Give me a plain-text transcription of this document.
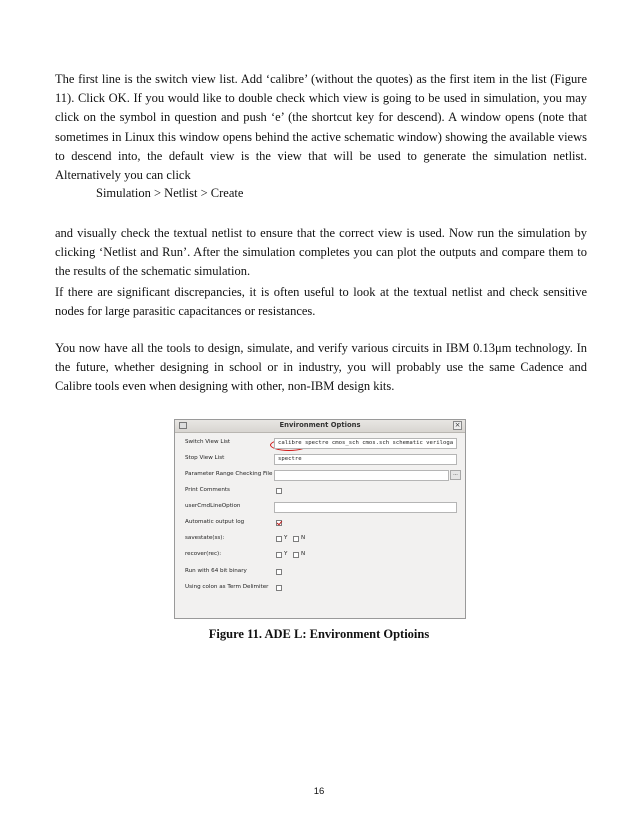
The first line is the switch view list. Add ‘calibre’ (without the quotes) as the first item in the list (Figure 11). Click OK. If you would like to double check which view is going to be used in simulation, you may click on the symbol in question and push ‘e’ (the shortcut key for descend). A window opens (note that sometimes in Linux this window opens behind the active schematic window) showing the available views to descend into, the default view is the view that will be used to generate the simulation netlist. Alternatively you can click

Simulation > Netlist > Create

and visually check the textual netlist to ensure that the correct view is used. Now run the simulation by clicking ‘Netlist and Run’. After the simulation completes you can plot the outputs and compare them to the results of the schematic simulation.

If there are significant discrepancies, it is often useful to look at the textual netlist and check sensitive nodes for large parasitic capacitances or resistances.

You now have all the tools to design, simulate, and verify various circuits in IBM 0.13μm technology. In the future, whether designing in school or in industry, you will probably use the same Cadence and Calibre tools even when designing with other, non-IBM design kits.

Environment Options	×
Switch View List	calibre spectre cmos_sch cmos.sch schematic veriloga
Stop View List	spectre
Parameter Range Checking File	...
Print Comments
userCmdLineOption
Automatic output log
savestate(ss):	Y N
recover(rec):	Y N
Run with 64 bit binary
Using colon as Term Delimiter
Figure 11. ADE L: Environment Optioins
16
